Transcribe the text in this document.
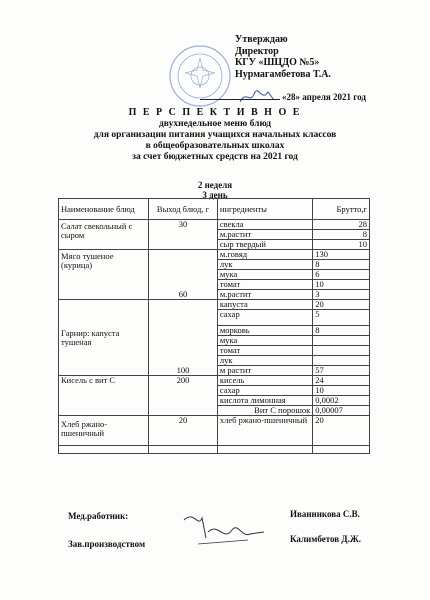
Утверждаю
Директор
КГУ «ШЦДО №5»
Нурмагамбетова Т.А.
«28» апреля 2021 год
П Е Р С П Е К Т И В Н О Е
двухнедельное меню блюд
для организации питания учащихся начальных классов
в общеобразовательных школах
за счет бюджетных средств на 2021 год
2 неделя
3 день
Наименование блюд	Выход блюд, г	ингредиенты	Брутто,г
Салат свекольный с сыром	30	свекла	28
		м.растит	8
		сыр твердый	10
Мясо тушеное (курица)	60	м.говяд	130
		лук	8
		мука	6
		томат	10
		м.растит	3
Гарнир: капуста тушеная	100	капуста	20
		сахар	5
		морковь	8
		мука	
		томат	
		лук	
		м растит	57
Кисель с вит С	200	кисель	24
		сахар	10
		кислота лимонная	0,0002
		Вит С порошок	0,00007
Хлеб ржано-пшеничный	20	хлеб ржано-пшеничный	20

Мед.работник:	Иванникова С.В.
Зав.производством	Калимбетов Д.Ж.
